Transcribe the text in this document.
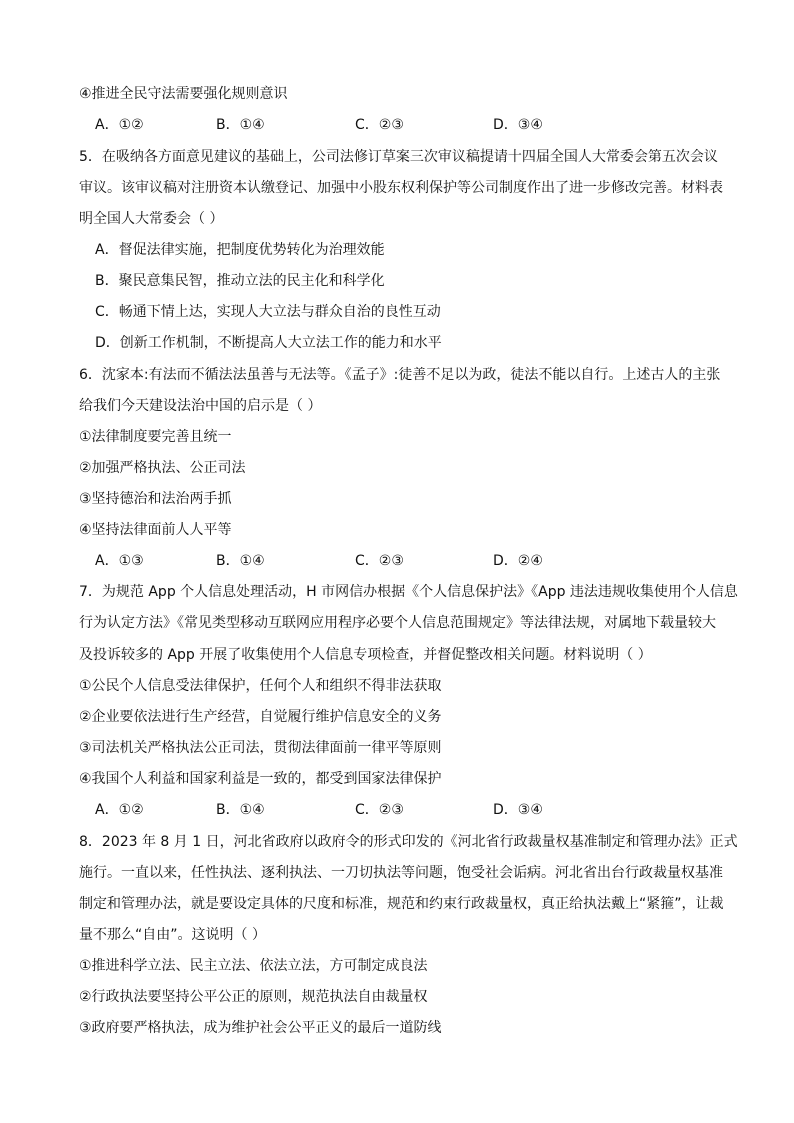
④推进全民守法需要强化规则意识
A．①②	B．①④	C．②③	D．③④
5．在吸纳各方面意见建议的基础上，公司法修订草案三次审议稿提请十四届全国人大常委会第五次会议
审议。该审议稿对注册资本认缴登记、加强中小股东权利保护等公司制度作出了进一步修改完善。材料表
明全国人大常委会（ ）
A．督促法律实施，把制度优势转化为治理效能
B．聚民意集民智，推动立法的民主化和科学化
C．畅通下情上达，实现人大立法与群众自治的良性互动
D．创新工作机制，不断提高人大立法工作的能力和水平
6．沈家本:有法而不循法法虽善与无法等。《孟子》:徒善不足以为政，徒法不能以自行。上述古人的主张
给我们今天建设法治中国的启示是（ ）
①法律制度要完善且统一
②加强严格执法、公正司法
③坚持德治和法治两手抓
④坚持法律面前人人平等
A．①③	B．①④	C．②③	D．②④
7．为规范 App 个人信息处理活动，H 市网信办根据《个人信息保护法》《App 违法违规收集使用个人信息
行为认定方法》《常见类型移动互联网应用程序必要个人信息范围规定》等法律法规，对属地下载量较大
及投诉较多的 App 开展了收集使用个人信息专项检查，并督促整改相关问题。材料说明（ ）
①公民个人信息受法律保护，任何个人和组织不得非法获取
②企业要依法进行生产经营，自觉履行维护信息安全的义务
③司法机关严格执法公正司法，贯彻法律面前一律平等原则
④我国个人利益和国家利益是一致的，都受到国家法律保护
A．①②	B．①④	C．②③	D．③④
8．2023 年 8 月 1 日，河北省政府以政府令的形式印发的《河北省行政裁量权基准制定和管理办法》正式
施行。一直以来，任性执法、逐利执法、一刀切执法等问题，饱受社会诟病。河北省出台行政裁量权基准
制定和管理办法，就是要设定具体的尺度和标准，规范和约束行政裁量权，真正给执法戴上“紧箍”，让裁
量不那么“自由”。这说明（ ）
①推进科学立法、民主立法、依法立法，方可制定成良法
②行政执法要坚持公平公正的原则，规范执法自由裁量权
③政府要严格执法，成为维护社会公平正义的最后一道防线
